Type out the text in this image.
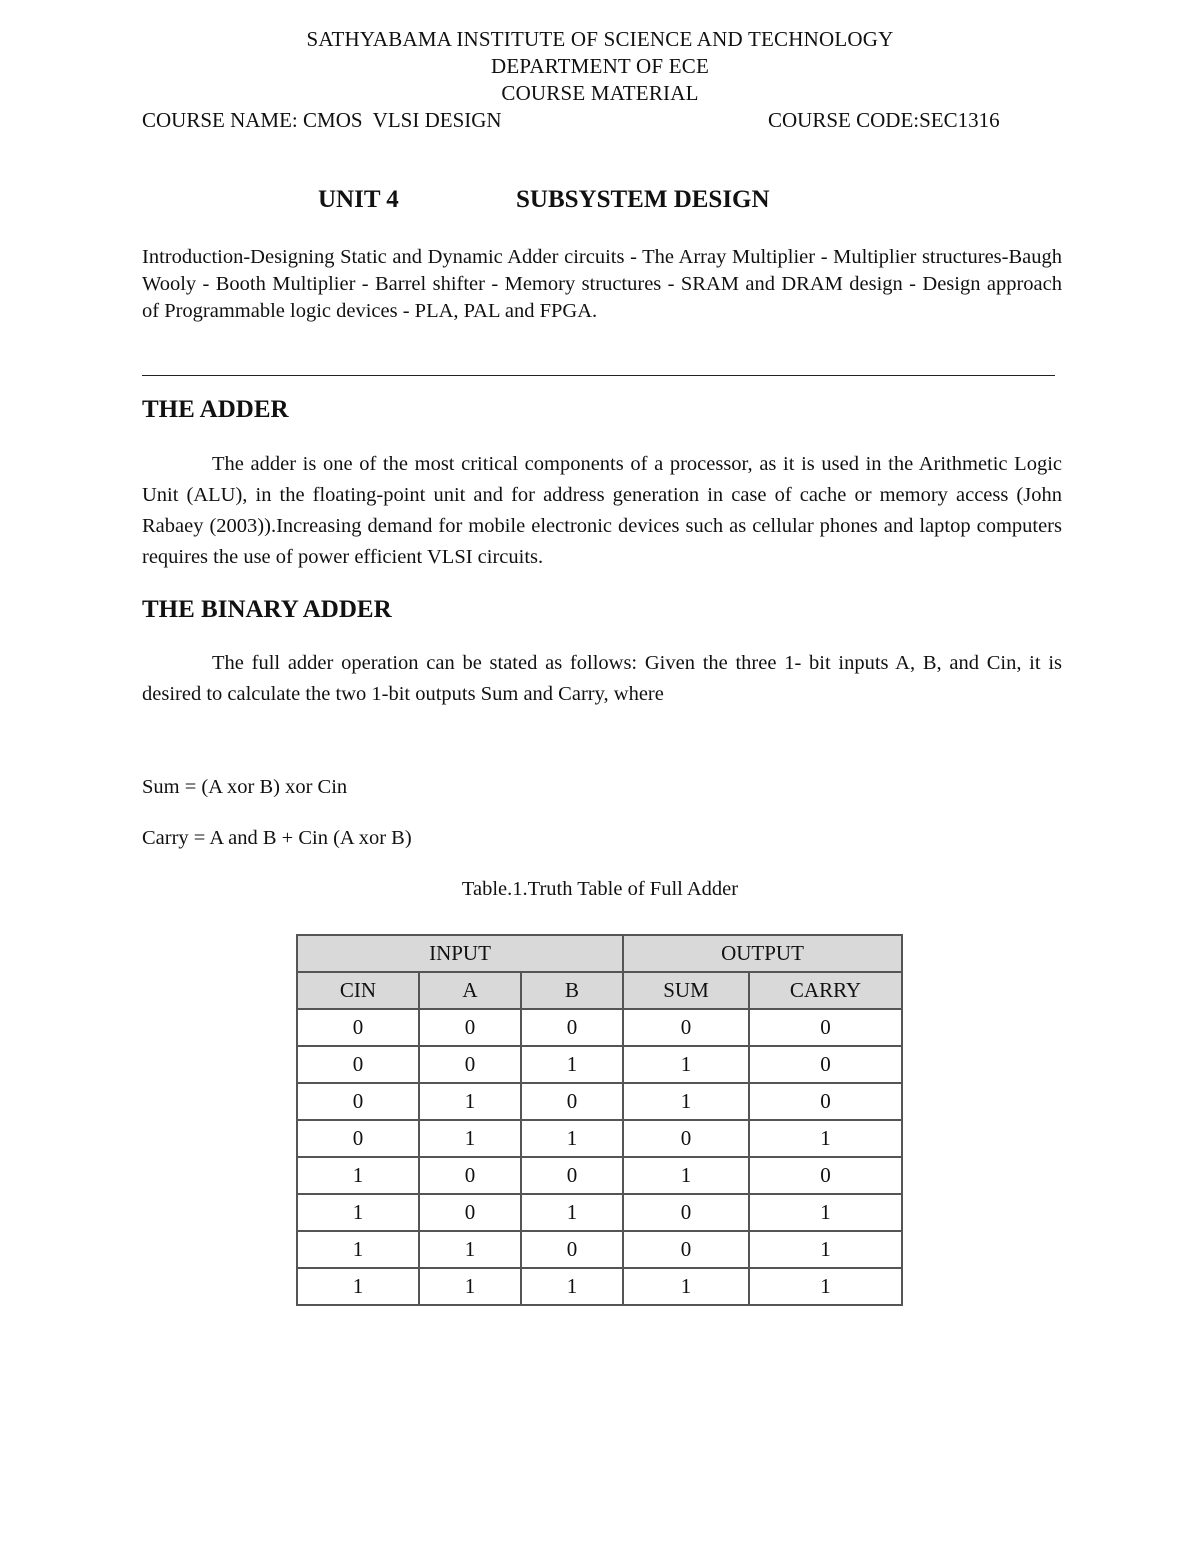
SATHYABAMA INSTITUTE OF SCIENCE AND TECHNOLOGY
DEPARTMENT OF ECE
COURSE MATERIAL
COURSE NAME: CMOS  VLSI DESIGN	COURSE CODE:SEC1316
UNIT 4	SUBSYSTEM DESIGN
Introduction-Designing Static and Dynamic Adder circuits - The Array Multiplier - Multiplier structures-Baugh Wooly - Booth Multiplier - Barrel shifter - Memory structures - SRAM and DRAM design - Design approach of Programmable logic devices - PLA, PAL and FPGA.
THE ADDER
The adder is one of the most critical components of a processor, as it is used in the Arithmetic Logic Unit (ALU), in the floating-point unit and for address generation in case of cache or memory access (John Rabaey (2003)).Increasing demand for mobile electronic devices such as cellular phones and laptop computers requires the use of power efficient VLSI circuits.
THE BINARY ADDER
The full adder operation can be stated as follows: Given the three 1- bit inputs A, B, and Cin, it is desired to calculate the two 1-bit outputs Sum and Carry, where
Sum = (A xor B) xor Cin
Carry = A and B + Cin (A xor B)
Table.1.Truth Table of Full Adder
INPUT			OUTPUT	
CIN	A	B	SUM	CARRY
0	0	0	0	0
0	0	1	1	0
0	1	0	1	0
0	1	1	0	1
1	0	0	1	0
1	0	1	0	1
1	1	0	0	1
1	1	1	1	1
